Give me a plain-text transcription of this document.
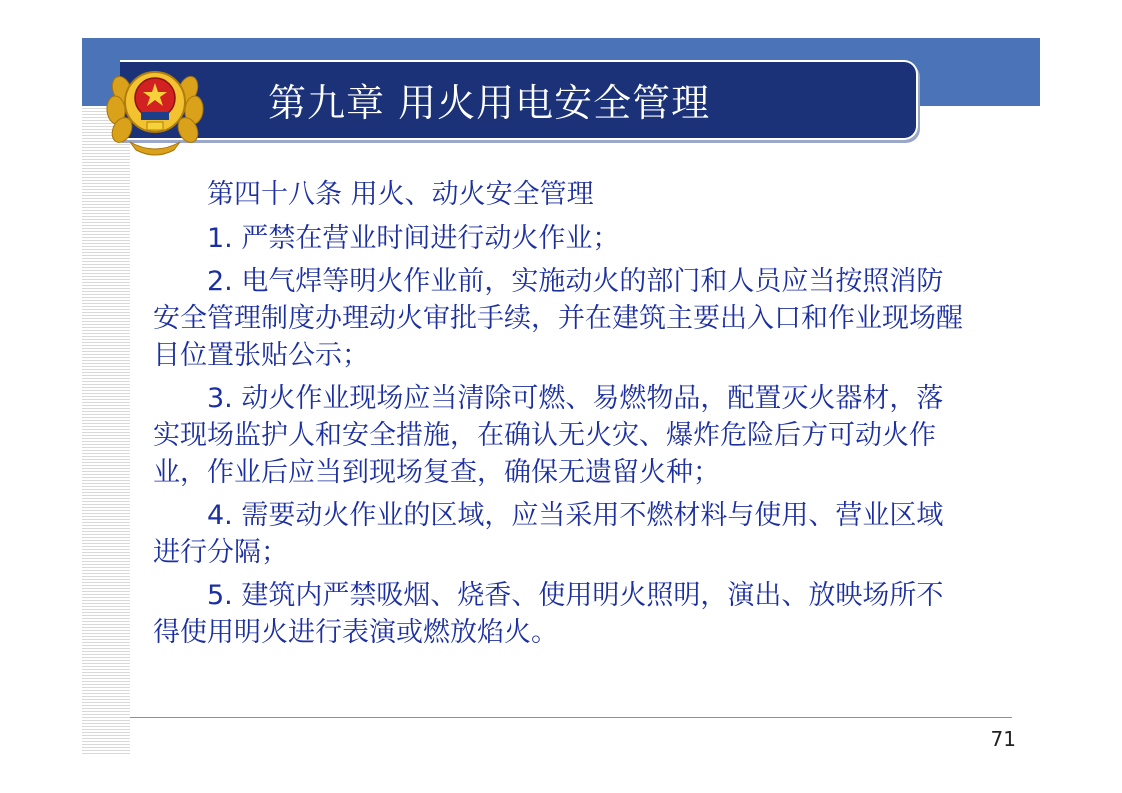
第九章 用火用电安全管理

第四十八条 用火、动火安全管理

1. 严禁在营业时间进行动火作业；

2. 电气焊等明火作业前，实施动火的部门和人员应当按照消防安全管理制度办理动火审批手续，并在建筑主要出入口和作业现场醒目位置张贴公示；

3. 动火作业现场应当清除可燃、易燃物品，配置灭火器材，落实现场监护人和安全措施，在确认无火灾、爆炸危险后方可动火作业，作业后应当到现场复查，确保无遗留火种；

4. 需要动火作业的区域，应当采用不燃材料与使用、营业区域进行分隔；

5. 建筑内严禁吸烟、烧香、使用明火照明，演出、放映场所不得使用明火进行表演或燃放焰火。

71
